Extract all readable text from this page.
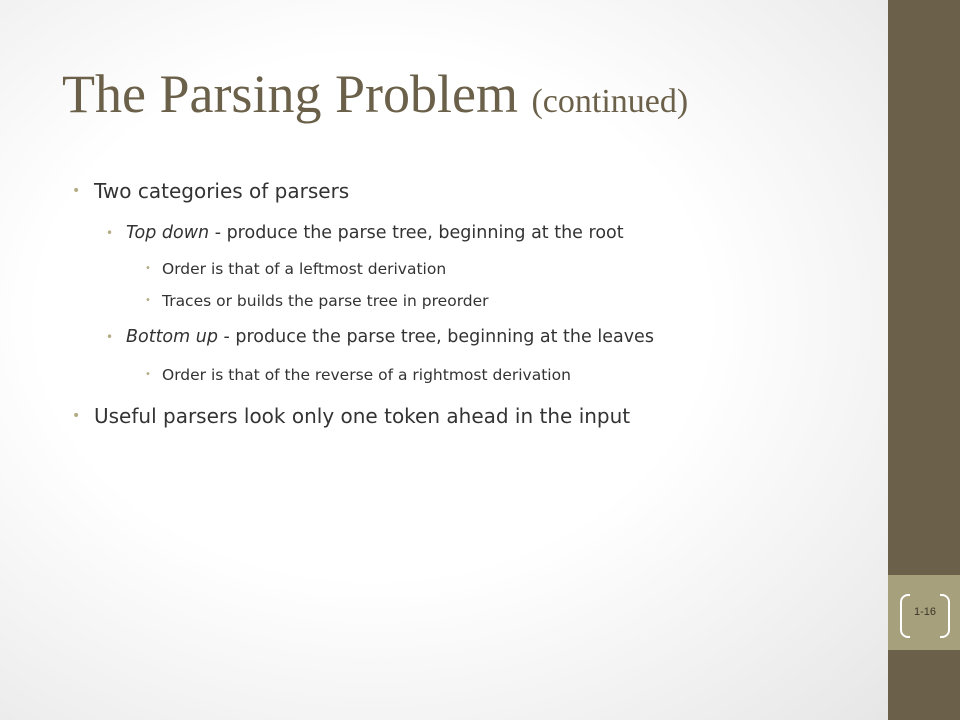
The Parsing Problem (continued)
• Two categories of parsers
• Top down - produce the parse tree, beginning at the root
• Order is that of a leftmost derivation
• Traces or builds the parse tree in preorder
• Bottom up - produce the parse tree, beginning at the leaves
• Order is that of the reverse of a rightmost derivation
• Useful parsers look only one token ahead in the input
1-16
